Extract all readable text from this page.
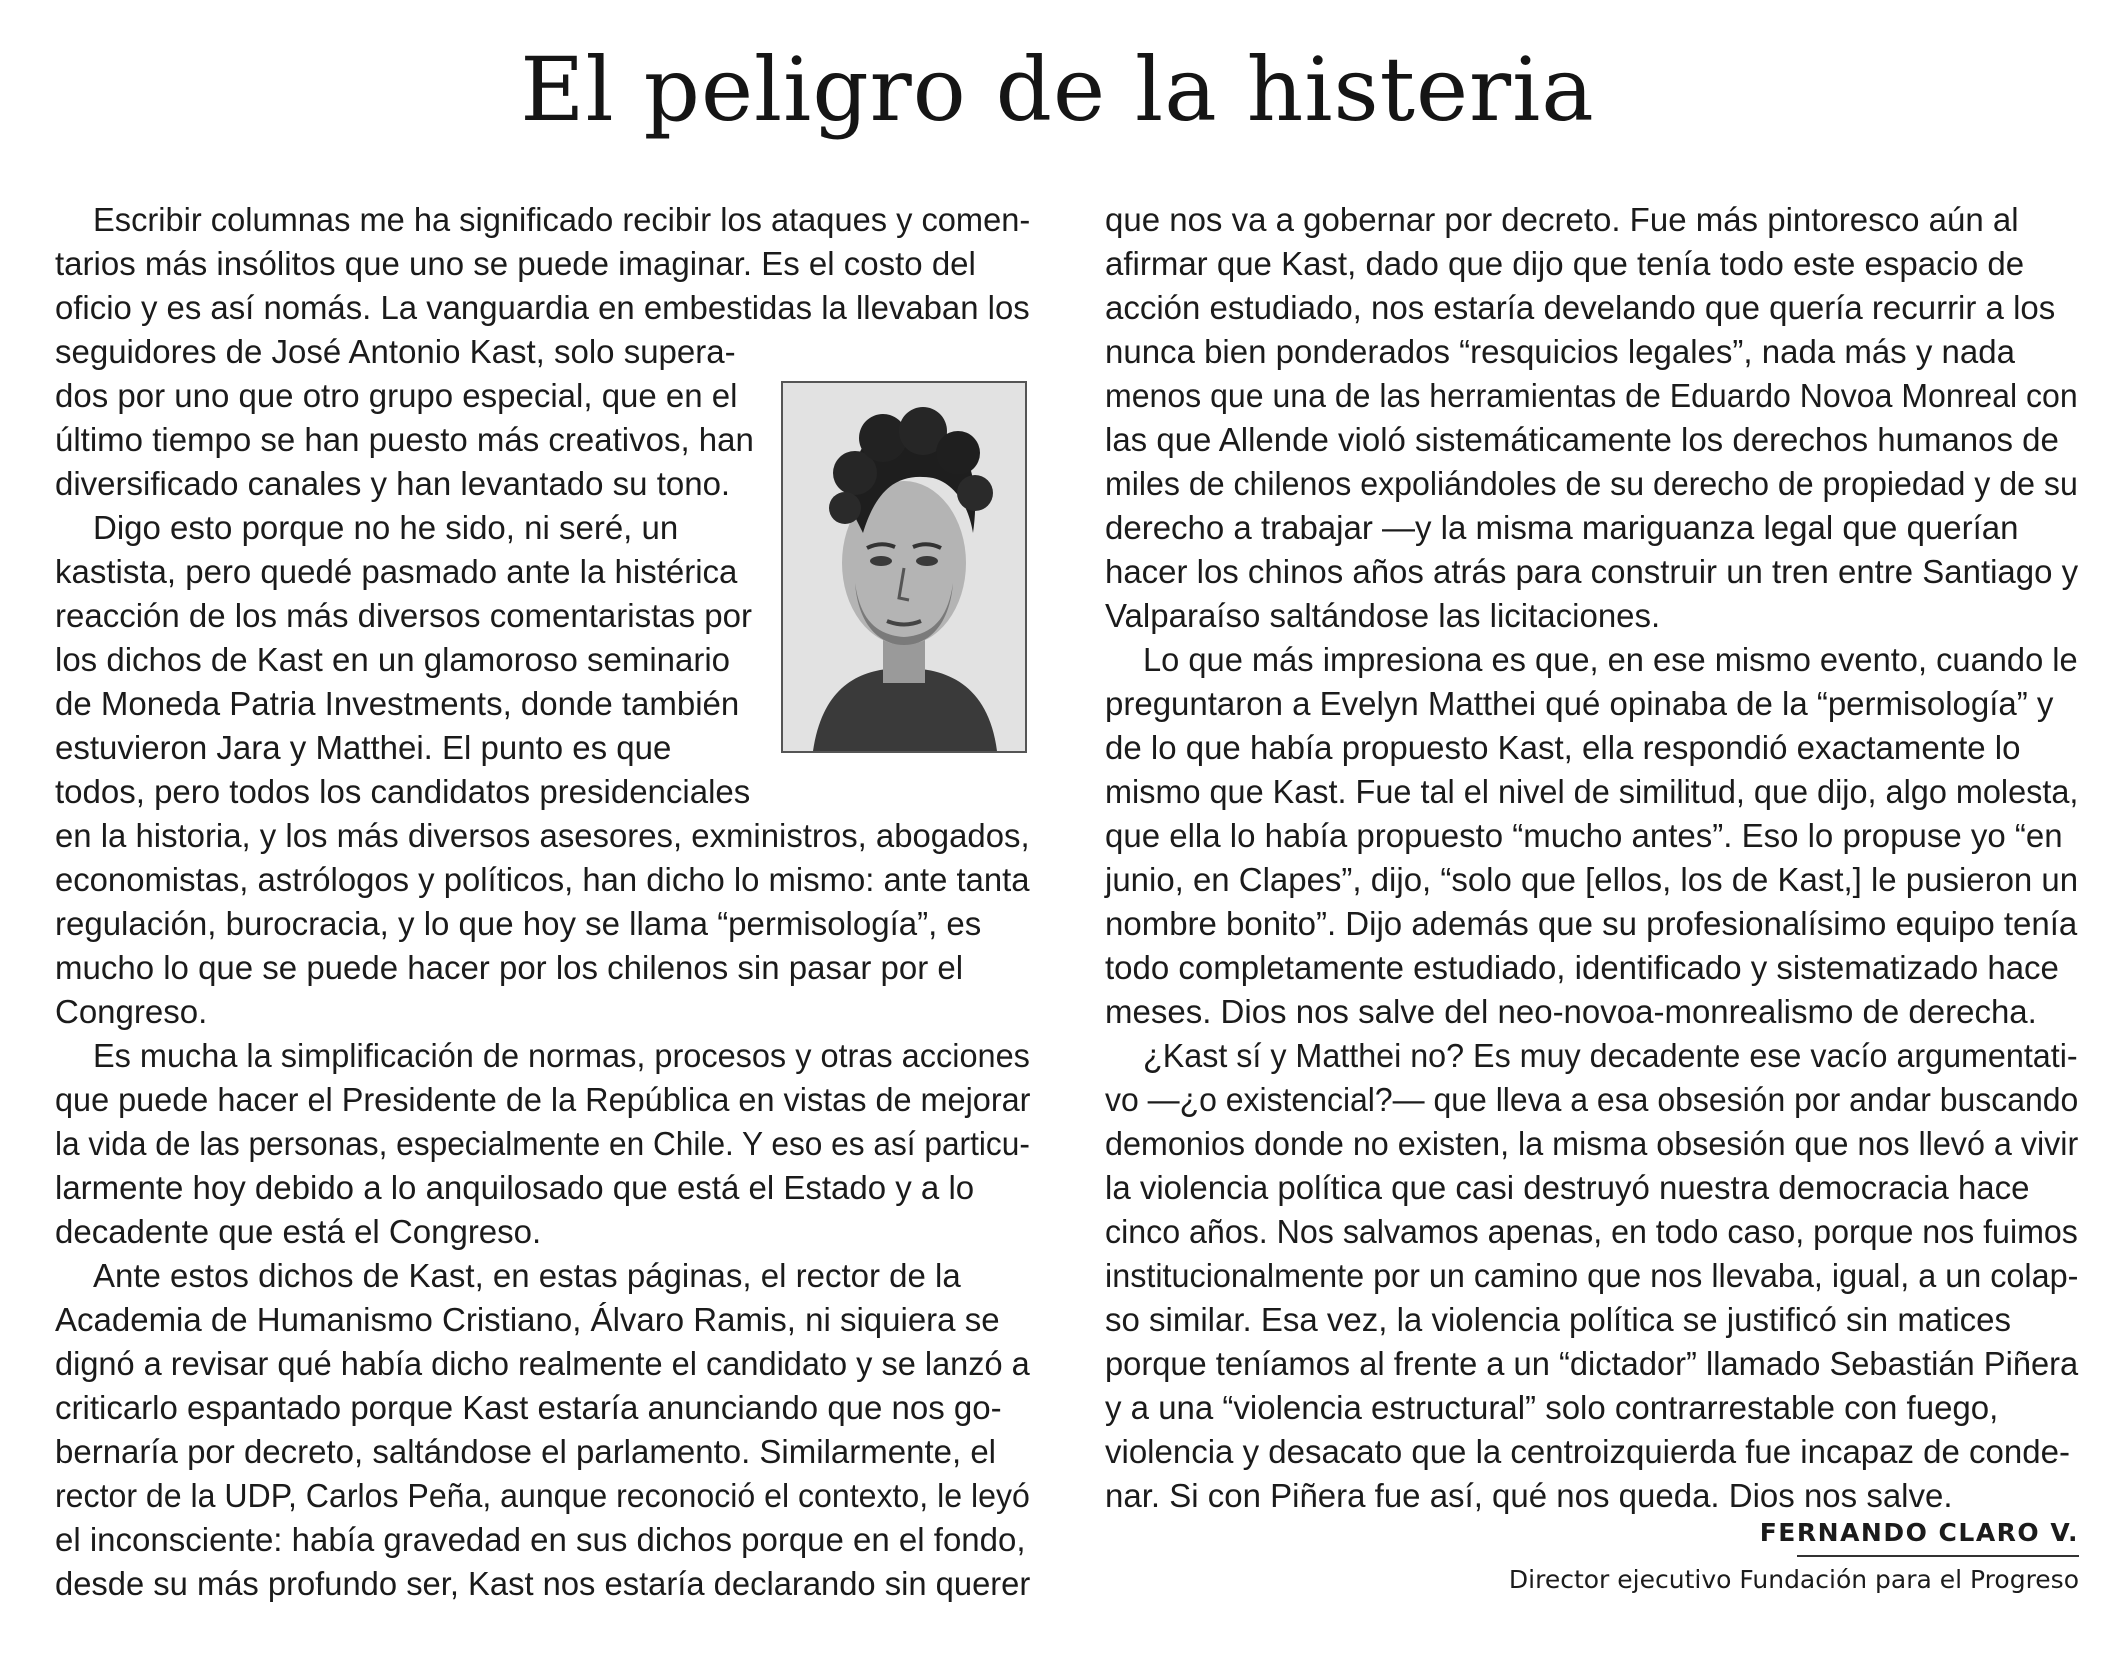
El peligro de la histeria

Escribir columnas me ha significado recibir los ataques y comen-

tarios más insólitos que uno se puede imaginar. Es el costo del

oficio y es así nomás. La vanguardia en embestidas la llevaban los

seguidores de José Antonio Kast, solo supera-

dos por uno que otro grupo especial, que en el

último tiempo se han puesto más creativos, han

diversificado canales y han levantado su tono.

Digo esto porque no he sido, ni seré, un

kastista, pero quedé pasmado ante la histérica

reacción de los más diversos comentaristas por

los dichos de Kast en un glamoroso seminario

de Moneda Patria Investments, donde también

estuvieron Jara y Matthei. El punto es que

todos, pero todos los candidatos presidenciales

en la historia, y los más diversos asesores, exministros, abogados,

economistas, astrólogos y políticos, han dicho lo mismo: ante tanta

regulación, burocracia, y lo que hoy se llama “permisología”, es

mucho lo que se puede hacer por los chilenos sin pasar por el

Congreso.

Es mucha la simplificación de normas, procesos y otras acciones

que puede hacer el Presidente de la República en vistas de mejorar

la vida de las personas, especialmente en Chile. Y eso es así particu-

larmente hoy debido a lo anquilosado que está el Estado y a lo

decadente que está el Congreso.

Ante estos dichos de Kast, en estas páginas, el rector de la

Academia de Humanismo Cristiano, Álvaro Ramis, ni siquiera se

dignó a revisar qué había dicho realmente el candidato y se lanzó a

criticarlo espantado porque Kast estaría anunciando que nos go-

bernaría por decreto, saltándose el parlamento. Similarmente, el

rector de la UDP, Carlos Peña, aunque reconoció el contexto, le leyó

el inconsciente: había gravedad en sus dichos porque en el fondo,

desde su más profundo ser, Kast nos estaría declarando sin querer

que nos va a gobernar por decreto. Fue más pintoresco aún al

afirmar que Kast, dado que dijo que tenía todo este espacio de

acción estudiado, nos estaría develando que quería recurrir a los

nunca bien ponderados “resquicios legales”, nada más y nada

menos que una de las herramientas de Eduardo Novoa Monreal con

las que Allende violó sistemáticamente los derechos humanos de

miles de chilenos expoliándoles de su derecho de propiedad y de su

derecho a trabajar —y la misma mariguanza legal que querían

hacer los chinos años atrás para construir un tren entre Santiago y

Valparaíso saltándose las licitaciones.

Lo que más impresiona es que, en ese mismo evento, cuando le

preguntaron a Evelyn Matthei qué opinaba de la “permisología” y

de lo que había propuesto Kast, ella respondió exactamente lo

mismo que Kast. Fue tal el nivel de similitud, que dijo, algo molesta,

que ella lo había propuesto “mucho antes”. Eso lo propuse yo “en

junio, en Clapes”, dijo, “solo que [ellos, los de Kast,] le pusieron un

nombre bonito”. Dijo además que su profesionalísimo equipo tenía

todo completamente estudiado, identificado y sistematizado hace

meses. Dios nos salve del neo-novoa-monrealismo de derecha.

¿Kast sí y Matthei no? Es muy decadente ese vacío argumentati-

vo —¿o existencial?— que lleva a esa obsesión por andar buscando

demonios donde no existen, la misma obsesión que nos llevó a vivir

la violencia política que casi destruyó nuestra democracia hace

cinco años. Nos salvamos apenas, en todo caso, porque nos fuimos

institucionalmente por un camino que nos llevaba, igual, a un colap-

so similar. Esa vez, la violencia política se justificó sin matices

porque teníamos al frente a un “dictador” llamado Sebastián Piñera

y a una “violencia estructural” solo contrarrestable con fuego,

violencia y desacato que la centroizquierda fue incapaz de conde-

nar. Si con Piñera fue así, qué nos queda. Dios nos salve.

FERNANDO CLARO V.

Director ejecutivo Fundación para el Progreso
